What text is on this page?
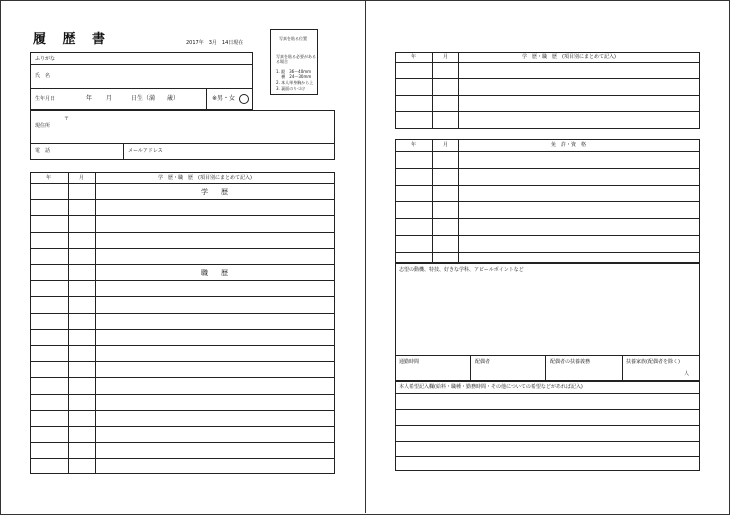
履 歴 書	2017年　3月　14日現在
写真を貼る位置
写真を貼る必要がある
る場合
1. 縦　36〜40mm
　 横　24〜30mm
2. 本人単身胸から上
3. 裏面のりづけ
ふりがな
氏　名
生年月日	年 月	日生（満　　歳）	※男・女
現住所
〒
電　話	メールアドレス
年	月	学　歴・職　歴　(項目別にまとめて記入)
学　歴
職　歴
年	月	学　歴・職　歴　(項目別にまとめて記入)
年	月	免　許・資　格
志望の動機、特技、好きな学科、アピールポイントなど
通勤時間	配偶者	配偶者の扶養義務	扶養家族(配偶者を除く)
人
本人希望記入欄(給料・職種・勤務時間・その他についての希望などがあれば記入)
